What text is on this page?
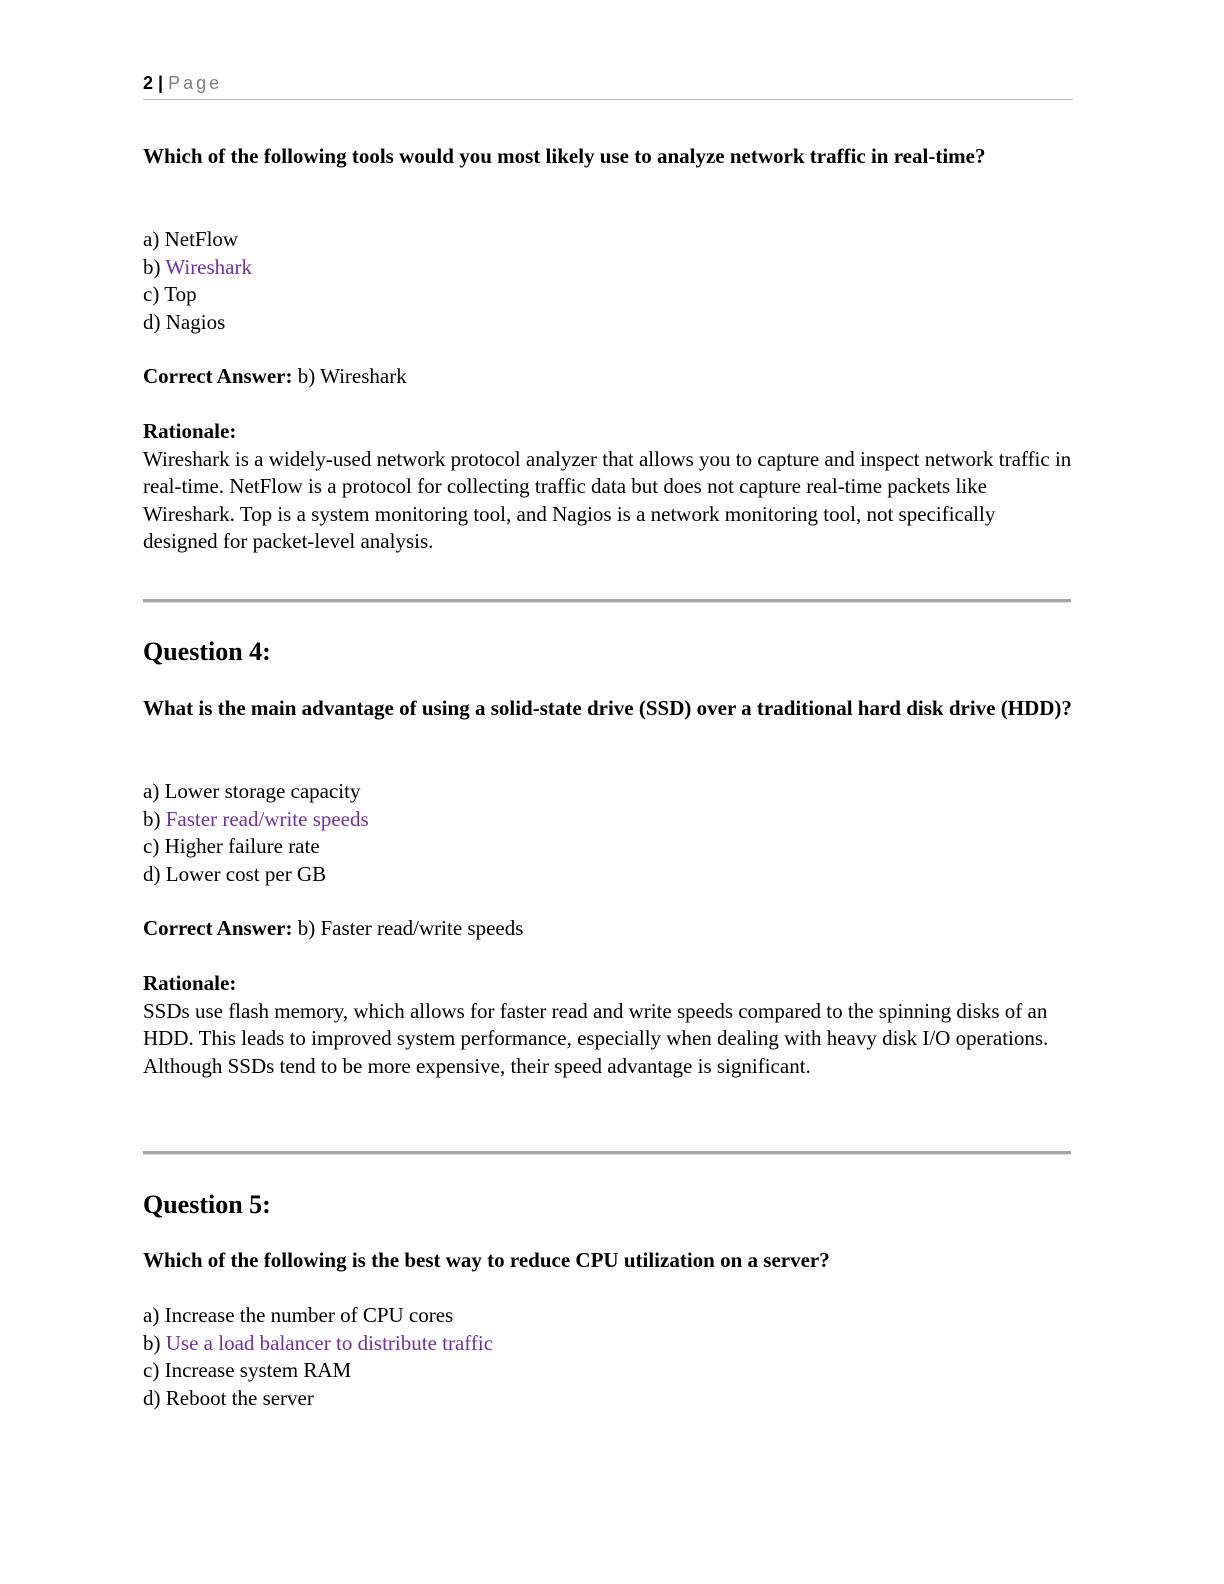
2 | Page

Which of the following tools would you most likely use to analyze network traffic in real-time?

a) NetFlow

b) Wireshark

c) Top

d) Nagios

Correct Answer: b) Wireshark

Rationale:

Wireshark is a widely-used network protocol analyzer that allows you to capture and inspect network traffic in real-time. NetFlow is a protocol for collecting traffic data but does not capture real-time packets like Wireshark. Top is a system monitoring tool, and Nagios is a network monitoring tool, not specifically designed for packet-level analysis.

Question 4:

What is the main advantage of using a solid-state drive (SSD) over a traditional hard disk drive (HDD)?

a) Lower storage capacity

b) Faster read/write speeds

c) Higher failure rate

d) Lower cost per GB

Correct Answer: b) Faster read/write speeds

Rationale:

SSDs use flash memory, which allows for faster read and write speeds compared to the spinning disks of an HDD. This leads to improved system performance, especially when dealing with heavy disk I/O operations. Although SSDs tend to be more expensive, their speed advantage is significant.

Question 5:

Which of the following is the best way to reduce CPU utilization on a server?

a) Increase the number of CPU cores

b) Use a load balancer to distribute traffic

c) Increase system RAM

d) Reboot the server
